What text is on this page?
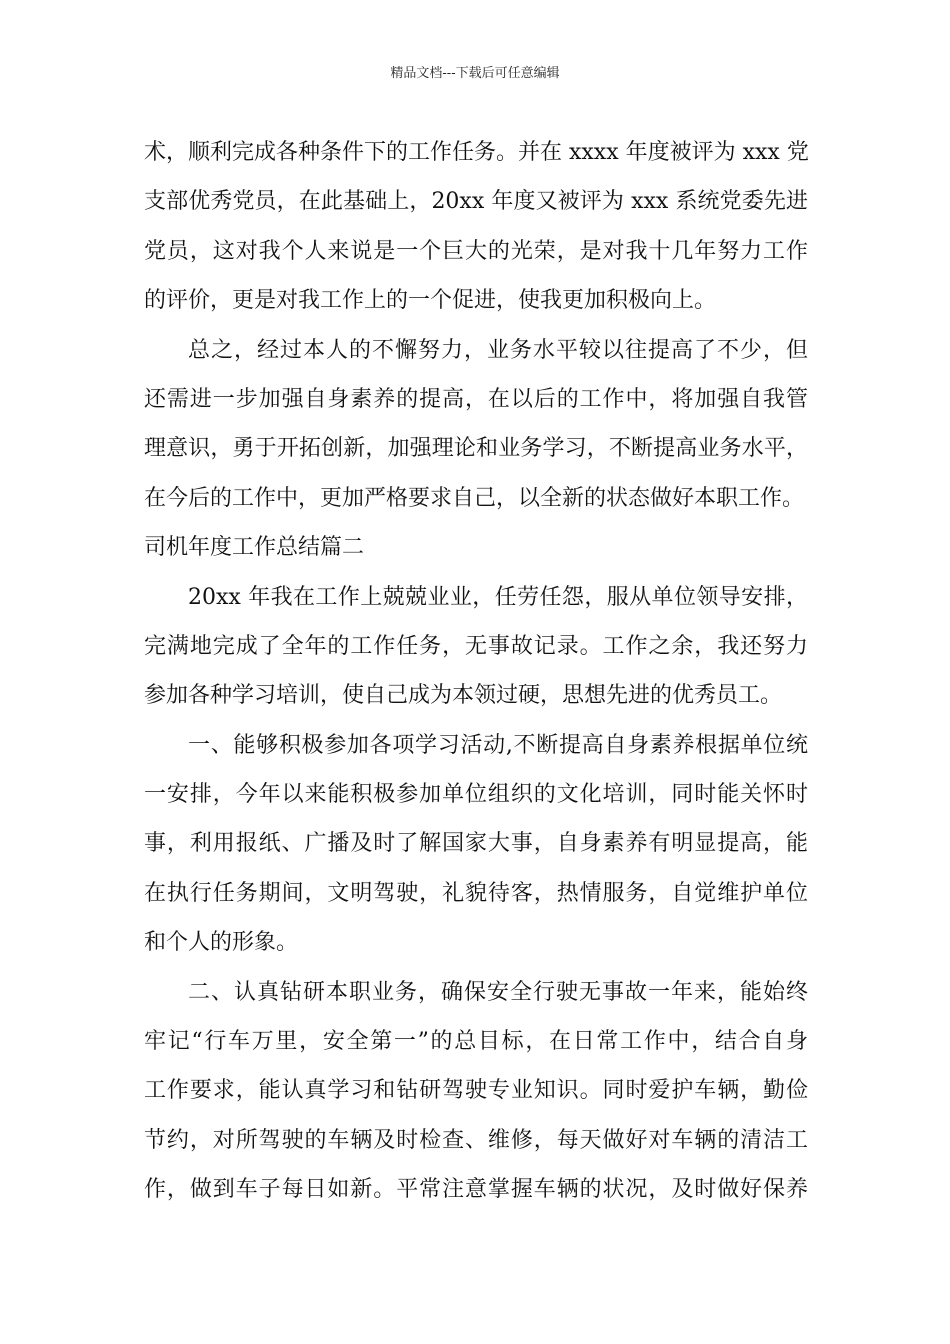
精品文档---下载后可任意编辑
术，顺利完成各种条件下的工作任务。并在 xxxx 年度被评为 xxx 党
支部优秀党员，在此基础上，20xx 年度又被评为 xxx 系统党委先进
党员，这对我个人来说是一个巨大的光荣，是对我十几年努力工作
的评价，更是对我工作上的一个促进，使我更加积极向上。
总之，经过本人的不懈努力，业务水平较以往提高了不少，但
还需进一步加强自身素养的提高，在以后的工作中，将加强自我管
理意识，勇于开拓创新，加强理论和业务学习，不断提高业务水平，
在今后的工作中，更加严格要求自己，以全新的状态做好本职工作。
司机年度工作总结篇二
20xx 年我在工作上兢兢业业，任劳任怨，服从单位领导安排，
完满地完成了全年的工作任务，无事故记录。工作之余，我还努力
参加各种学习培训，使自己成为本领过硬，思想先进的优秀员工。
一、能够积极参加各项学习活动,不断提高自身素养根据单位统
一安排，今年以来能积极参加单位组织的文化培训，同时能关怀时
事，利用报纸、广播及时了解国家大事，自身素养有明显提高，能
在执行任务期间，文明驾驶，礼貌待客，热情服务，自觉维护单位
和个人的形象。
二、认真钻研本职业务，确保安全行驶无事故一年来，能始终
牢记“行车万里，安全第一”的总目标，在日常工作中，结合自身
工作要求，能认真学习和钻研驾驶专业知识。同时爱护车辆，勤俭
节约，对所驾驶的车辆及时检查、维修，每天做好对车辆的清洁工
作，做到车子每日如新。平常注意掌握车辆的状况，及时做好保养
